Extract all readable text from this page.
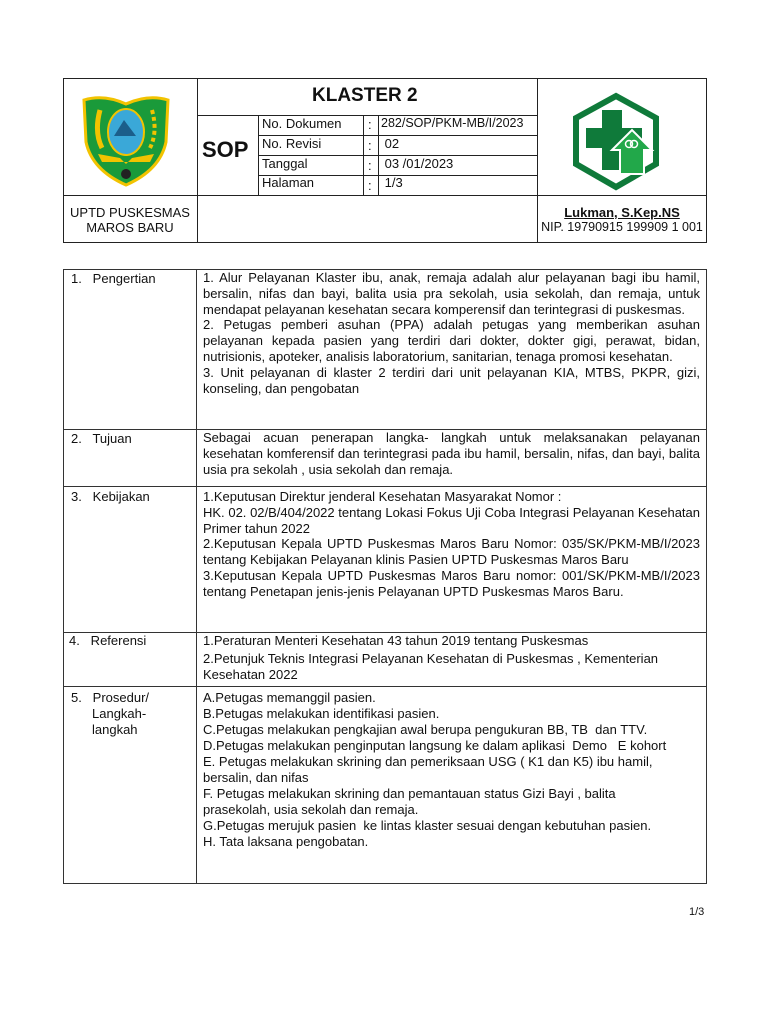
KLASTER 2
SOP
No. Dokumen : 282/SOP/PKM-MB/I/2023
No. Revisi	: 02
Tanggal	: 03 /01/2023
Halaman	: 1/3
UPTD PUSKESMAS
MAROS BARU
Lukman, S.Kep.NS
NIP. 19790915 199909 1 001
1.   Pengertian	1. Alur Pelayanan Klaster ibu, anak, remaja adalah alur pelayanan bagi ibu hamil, bersalin, nifas dan bayi, balita usia pra sekolah, usia sekolah, dan remaja, untuk mendapat pelayanan kesehatan secara komperensif dan terintegrasi di puskesmas.
2. Petugas pemberi asuhan (PPA) adalah petugas yang memberikan asuhan pelayanan kepada pasien yang terdiri dari dokter, dokter gigi, perawat, bidan, nutrisionis, apoteker, analisis laboratorium, sanitarian, tenaga promosi kesehatan.
3. Unit pelayanan di klaster 2 terdiri dari unit pelayanan KIA, MTBS, PKPR, gizi, konseling, dan pengobatan
2.   Tujuan	Sebagai acuan penerapan langka- langkah untuk melaksanakan pelayanan kesehatan komferensif dan terintegrasi pada ibu hamil, bersalin, nifas, dan bayi, balita usia pra sekolah , usia sekolah dan remaja.
3.   Kebijakan	1.Keputusan Direktur jenderal Kesehatan Masyarakat Nomor :
HK. 02. 02/B/404/2022 tentang Lokasi Fokus Uji Coba Integrasi Pelayanan Kesehatan Primer tahun 2022
2.Keputusan Kepala UPTD Puskesmas Maros Baru Nomor: 035/SK/PKM-MB/I/2023 tentang Kebijakan Pelayanan klinis Pasien UPTD Puskesmas Maros Baru
3.Keputusan Kepala UPTD Puskesmas Maros Baru nomor: 001/SK/PKM-MB/I/2023 tentang Penetapan jenis-jenis Pelayanan UPTD Puskesmas Maros Baru.
4.   Referensi	1.Peraturan Menteri Kesehatan 43 tahun 2019 tentang Puskesmas
2.Petunjuk Teknis Integrasi Pelayanan Kesehatan di Puskesmas , Kementerian Kesehatan 2022
5.   Prosedur/
Langkah-
langkah
A.Petugas memanggil pasien.
B.Petugas melakukan identifikasi pasien.
C.Petugas melakukan pengkajian awal berupa pengukuran BB, TB  dan TTV.
D.Petugas melakukan penginputan langsung ke dalam aplikasi  Demo   E kohort
E. Petugas melakukan skrining dan pemeriksaan USG ( K1 dan K5) ibu hamil, bersalin, dan nifas
F. Petugas melakukan skrining dan pemantauan status Gizi Bayi , balita prasekolah, usia sekolah dan remaja.
G.Petugas merujuk pasien  ke lintas klaster sesuai dengan kebutuhan pasien.
H. Tata laksana pengobatan.
1/3
